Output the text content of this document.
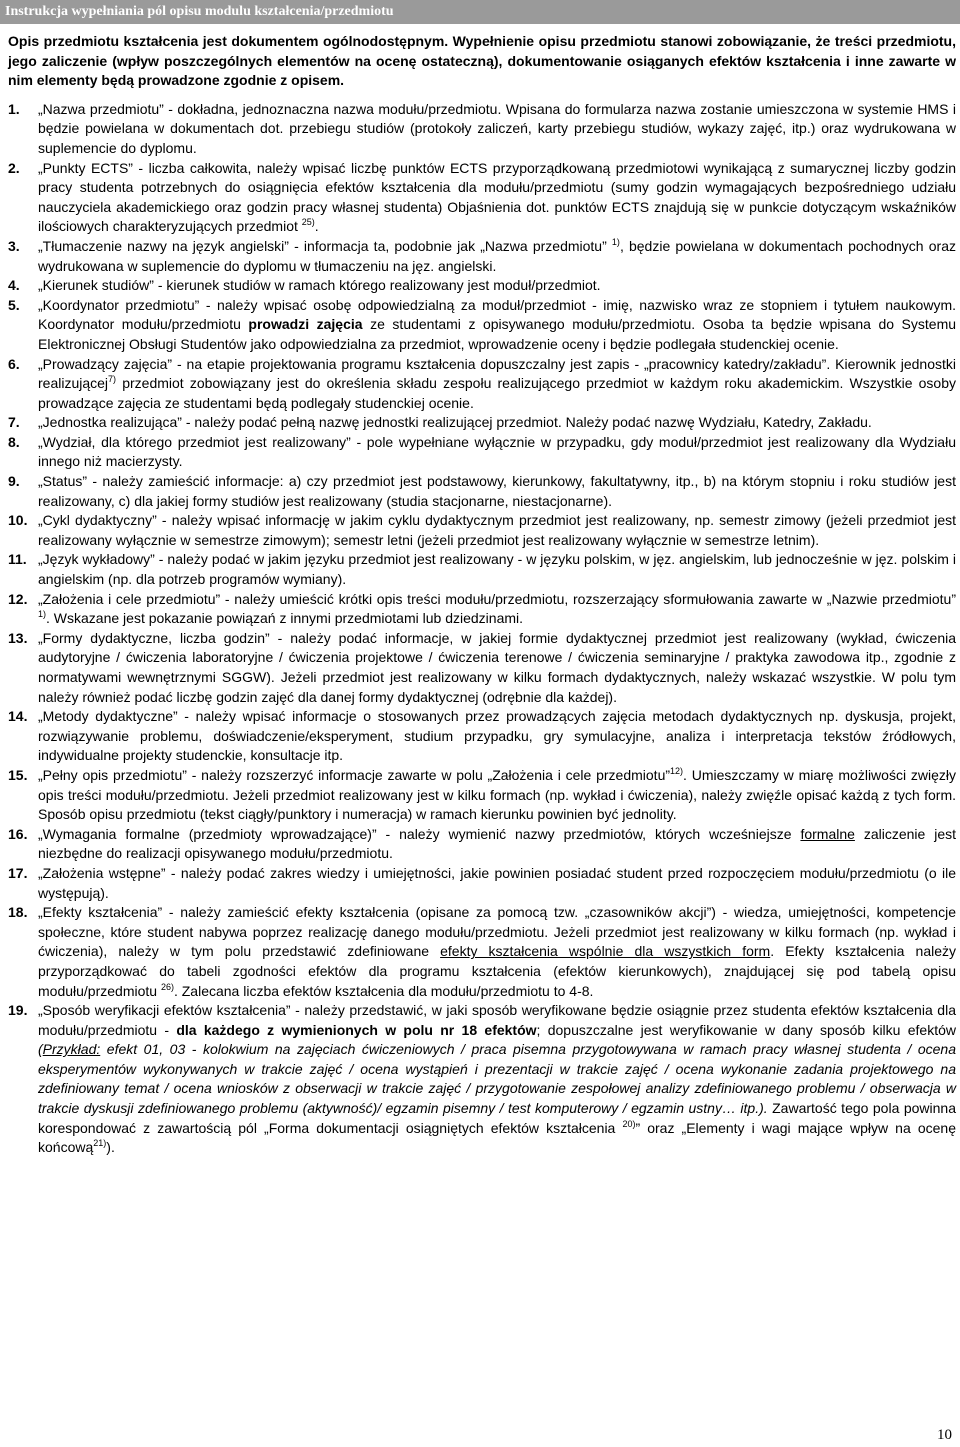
Instrukcja wypełniania pól opisu modulu kształcenia/przedmiotu

Opis przedmiotu kształcenia jest dokumentem ogólnodostępnym. Wypełnienie opisu przedmiotu stanowi zobowiązanie, że treści przedmiotu, jego zaliczenie (wpływ poszczególnych elementów na ocenę ostateczną), dokumentowanie osiąganych efektów kształcenia i inne zawarte w nim elementy będą prowadzone zgodnie z opisem.

1. „Nazwa przedmiotu” - dokładna, jednoznaczna nazwa modułu/przedmiotu. Wpisana do formularza nazwa zostanie umieszczona w systemie HMS i będzie powielana w dokumentach dot. przebiegu studiów (protokoły zaliczeń, karty przebiegu studiów, wykazy zajęć, itp.) oraz wydrukowana w suplemencie do dyplomu.
2. „Punkty ECTS” - liczba całkowita, należy wpisać liczbę punktów ECTS przyporządkowaną przedmiotowi wynikającą z sumarycznej liczby godzin pracy studenta potrzebnych do osiągnięcia efektów kształcenia dla modułu/przedmiotu (sumy godzin wymagających bezpośredniego udziału nauczyciela akademickiego oraz godzin pracy własnej studenta) Objaśnienia dot. punktów ECTS znajdują się w punkcie dotyczącym wskaźników ilościowych charakteryzujących przedmiot $^{25)}$.
3. „Tłumaczenie nazwy na język angielski” - informacja ta, podobnie jak „Nazwa przedmiotu” $^{1)}$, będzie powielana w dokumentach pochodnych oraz wydrukowana w suplemencie do dyplomu w tłumaczeniu na jęz. angielski.
4. „Kierunek studiów” - kierunek studiów w ramach którego realizowany jest moduł/przedmiot.
5. „Koordynator przedmiotu” - należy wpisać osobę odpowiedzialną za moduł/przedmiot - imię, nazwisko wraz ze stopniem i tytułem naukowym. Koordynator modułu/przedmiotu prowadzi zajęcia ze studentami z opisywanego modułu/przedmiotu. Osoba ta będzie wpisana do Systemu Elektronicznej Obsługi Studentów jako odpowiedzialna za przedmiot, wprowadzenie oceny i będzie podlegała studenckiej ocenie.
6. „Prowadzący zajęcia” - na etapie projektowania programu kształcenia dopuszczalny jest zapis - „pracownicy katedry/zakładu”. Kierownik jednostki realizującej$^{7)}$ przedmiot zobowiązany jest do określenia składu zespołu realizującego przedmiot w każdym roku akademickim. Wszystkie osoby prowadzące zajęcia ze studentami będą podlegały studenckiej ocenie.
7. „Jednostka realizująca” - należy podać pełną nazwę jednostki realizującej przedmiot. Należy podać nazwę Wydziału, Katedry, Zakładu.
8. „Wydział, dla którego przedmiot jest realizowany” - pole wypełniane wyłącznie w przypadku, gdy moduł/przedmiot jest realizowany dla Wydziału innego niż macierzysty.
9. „Status” - należy zamieścić informacje: a) czy przedmiot jest podstawowy, kierunkowy, fakultatywny, itp., b) na którym stopniu i roku studiów jest realizowany, c) dla jakiej formy studiów jest realizowany (studia stacjonarne, niestacjonarne).
10. „Cykl dydaktyczny” - należy wpisać informację w jakim cyklu dydaktycznym przedmiot jest realizowany, np. semestr zimowy (jeżeli przedmiot jest realizowany wyłącznie w semestrze zimowym); semestr letni (jeżeli przedmiot jest realizowany wyłącznie w semestrze letnim).
11. „Język wykładowy” - należy podać w jakim języku przedmiot jest realizowany - w języku polskim, w jęz. angielskim, lub jednocześnie w jęz. polskim i angielskim (np. dla potrzeb programów wymiany).
12. „Założenia i cele przedmiotu” - należy umieścić krótki opis treści modułu/przedmiotu, rozszerzający sformułowania zawarte w „Nazwie przedmiotu” $^{1)}$. Wskazane jest pokazanie powiązań z innymi przedmiotami lub dziedzinami.
13. „Formy dydaktyczne, liczba godzin” - należy podać informacje, w jakiej formie dydaktycznej przedmiot jest realizowany (wykład, ćwiczenia audytoryjne / ćwiczenia laboratoryjne / ćwiczenia projektowe / ćwiczenia terenowe / ćwiczenia seminaryjne / praktyka zawodowa itp., zgodnie z normatywami wewnętrznymi SGGW). Jeżeli przedmiot jest realizowany w kilku formach dydaktycznych, należy wskazać wszystkie. W polu tym należy również podać liczbę godzin zajęć dla danej formy dydaktycznej (odrębnie dla każdej).
14. „Metody dydaktyczne” - należy wpisać informacje o stosowanych przez prowadzących zajęcia metodach dydaktycznych np. dyskusja, projekt, rozwiązywanie problemu, doświadczenie/eksperyment, studium przypadku, gry symulacyjne, analiza i interpretacja tekstów źródłowych, indywidualne projekty studenckie, konsultacje itp.
15. „Pełny opis przedmiotu” - należy rozszerzyć informacje zawarte w polu „Założenia i cele przedmiotu”$^{12)}$. Umieszczamy w miarę możliwości zwięzły opis treści modułu/przedmiotu. Jeżeli przedmiot realizowany jest w kilku formach (np. wykład i ćwiczenia), należy zwięźle opisać każdą z tych form. Sposób opisu przedmiotu (tekst ciągły/punktory i numeracja) w ramach kierunku powinien być jednolity.
16. „Wymagania formalne (przedmioty wprowadzające)” - należy wymienić nazwy przedmiotów, których wcześniejsze formalne zaliczenie jest niezbędne do realizacji opisywanego modułu/przedmiotu.
17. „Założenia wstępne” - należy podać zakres wiedzy i umiejętności, jakie powinien posiadać student przed rozpoczęciem modułu/przedmiotu (o ile występują).
18. „Efekty kształcenia” - należy zamieścić efekty kształcenia (opisane za pomocą tzw. „czasowników akcji”) - wiedza, umiejętności, kompetencje społeczne, które student nabywa poprzez realizację danego modułu/przedmiotu. Jeżeli przedmiot jest realizowany w kilku formach (np. wykład i ćwiczenia), należy w tym polu przedstawić zdefiniowane efekty kształcenia wspólnie dla wszystkich form. Efekty kształcenia należy przyporządkować do tabeli zgodności efektów dla programu kształcenia (efektów kierunkowych), znajdującej się pod tabelą opisu modułu/przedmiotu $^{26)}$. Zalecana liczba efektów kształcenia dla modułu/przedmiotu to 4-8.
19. „Sposób weryfikacji efektów kształcenia” - należy przedstawić, w jaki sposób weryfikowane będzie osiągnie przez studenta efektów kształcenia dla modułu/przedmiotu - dla każdego z wymienionych w polu nr 18 efektów; dopuszczalne jest weryfikowanie w dany sposób kilku efektów (Przykład: efekt 01, 03 - kolokwium na zajęciach ćwiczeniowych / praca pisemna przygotowywana w ramach pracy własnej studenta / ocena eksperymentów wykonywanych w trakcie zajęć / ocena wystąpień i prezentacji w trakcie zajęć / ocena wykonanie zadania projektowego na zdefiniowany temat / ocena wniosków z obserwacji w trakcie zajęć / przygotowanie zespołowej analizy zdefiniowanego problemu / obserwacja w trakcie dyskusji zdefiniowanego problemu (aktywność)/ egzamin pisemny / test komputerowy / egzamin ustny… itp.). Zawartość tego pola powinna korespondować z zawartością pól „Forma dokumentacji osiągniętych efektów kształcenia $^{20)}$” oraz „Elementy i wagi mające wpływ na ocenę końcową$^{21)}$).
10
